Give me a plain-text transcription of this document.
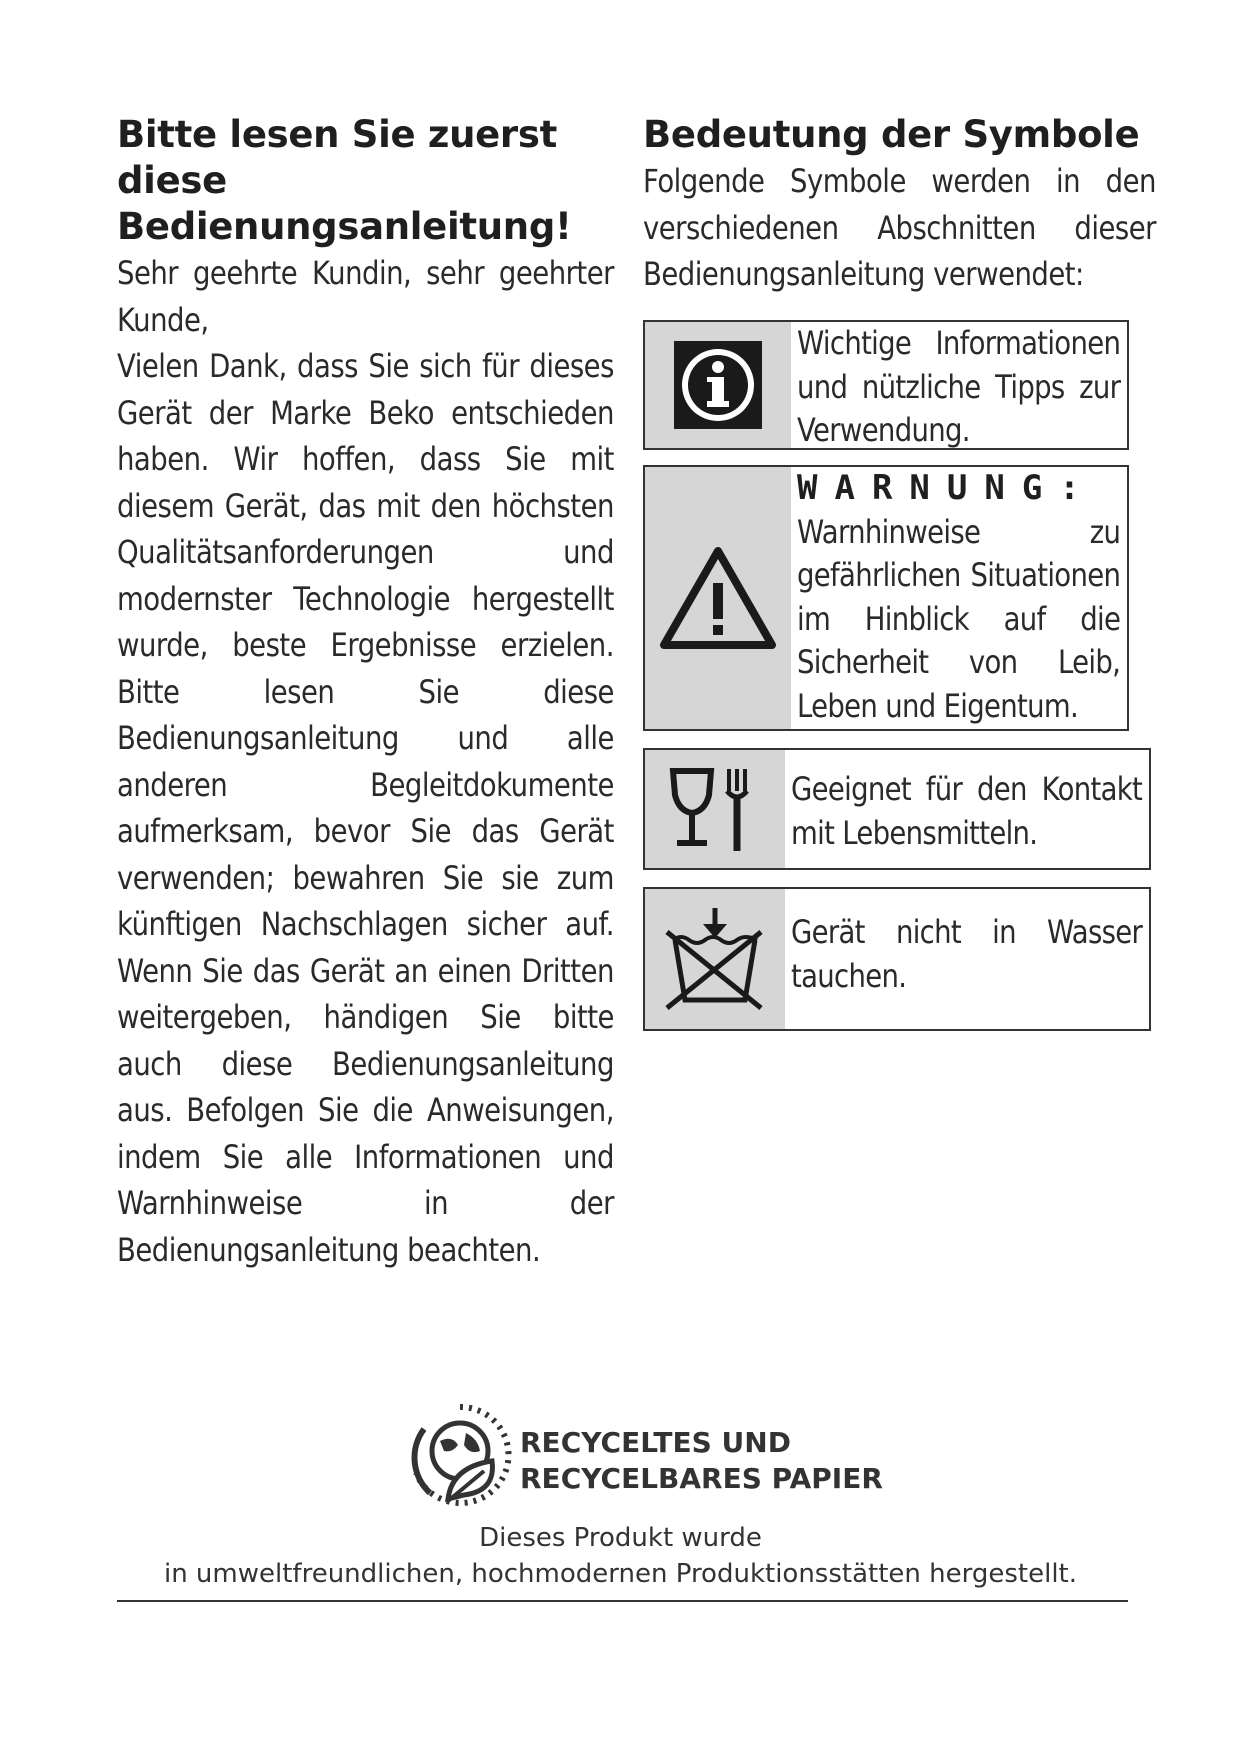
Bitte lesen Sie zuerst diese Bedienungsanleitung!

Sehr geehrte Kundin, sehr geehrter Kunde,

Vielen Dank, dass Sie sich für dieses Gerät der Marke Beko entschieden haben. Wir hoffen, dass Sie mit diesem Gerät, das mit den höchsten Qualitätsanforderungen und modernster Technologie hergestellt wurde, beste Ergebnisse erzielen. Bitte lesen Sie diese Bedienungsanleitung und alle anderen Begleitdokumente aufmerksam, bevor Sie das Gerät verwenden; bewahren Sie sie zum künftigen Nachschlagen sicher auf. Wenn Sie das Gerät an einen Dritten weitergeben, händigen Sie bitte auch diese Bedienungsanleitung aus. Befolgen Sie die Anweisungen, indem Sie alle Informationen und Warnhinweise in der Bedienungsanleitung beachten.

Bedeutung der Symbole
Folgende Symbole werden in den verschiedenen Abschnitten dieser Bedienungsanleitung verwendet:
Wichtige Informationen und nützliche Tipps zur Verwendung.
WARNUNG:
Warnhinweise zu gefährlichen Situationen im Hinblick auf die Sicherheit von Leib, Leben und Eigentum.
Geeignet für den Kontakt mit Lebensmitteln.
Gerät nicht in Wasser tauchen.
RECYCELTES UND
RECYCELBARES PAPIER
Dieses Produkt wurde
in umweltfreundlichen, hochmodernen Produktionsstätten hergestellt.
